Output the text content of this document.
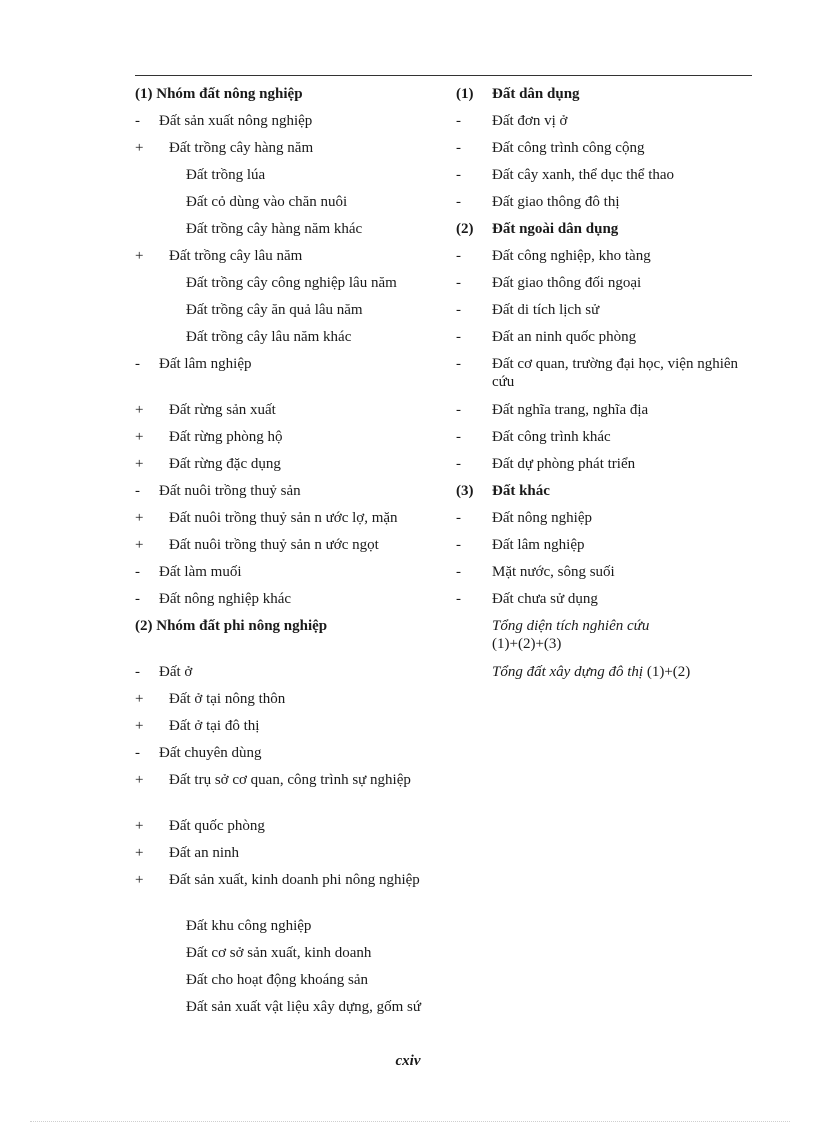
(1) Nhóm đất nông nghiệp
-	Đất sản xuất nông nghiệp
+	Đất trồng cây hàng năm
Đất trồng lúa
Đất cỏ dùng vào chăn nuôi
Đất trồng cây hàng năm khác
+	Đất trồng cây lâu năm
Đất trồng cây công nghiệp lâu năm
Đất trồng cây ăn quả lâu năm
Đất trồng cây lâu năm khác
-	Đất lâm nghiệp
+	Đất rừng sản xuất
+	Đất rừng phòng hộ
+	Đất rừng đặc dụng
-	Đất nuôi trồng thuỷ sản
+	Đất nuôi trồng thuỷ sản n ước lợ, mặn
+	Đất nuôi trồng thuỷ sản n ước ngọt
-	Đất làm muối
-	Đất nông nghiệp khác
(2) Nhóm đất phi nông nghiệp
-	Đất ở
+	Đất ở tại nông thôn
+	Đất ở tại đô thị
-	Đất chuyên dùng
+	Đất trụ sở cơ quan, công trình sự nghiệp
+	Đất quốc phòng
+	Đất an ninh
+	Đất sản xuất, kinh doanh phi nông nghiệp
Đất khu công nghiệp
Đất cơ sở sản xuất, kinh doanh
Đất cho hoạt động khoáng sản
Đất sản xuất vật liệu xây dựng, gốm sứ
(1)	Đất dân dụng
-	Đất đơn vị ở
-	Đất công trình công cộng
-	Đất cây xanh, thể dục thể thao
-	Đất giao thông đô thị
(2)	Đất ngoài dân dụng
-	Đất công nghiệp, kho tàng
-	Đất giao thông đối ngoại
-	Đất di tích lịch sử
-	Đất an ninh quốc phòng
-	Đất cơ quan, trường đại học, viện nghiên cứu
-	Đất nghĩa trang, nghĩa địa
-	Đất công trình khác
-	Đất dự phòng phát triển
(3)	Đất khác
-	Đất nông nghiệp
-	Đất lâm nghiệp
-	Mặt nước, sông suối
-	Đất chưa sử dụng
Tổng diện tích nghiên cứu
(1)+(2)+(3)
Tổng đất xây dựng đô thị (1)+(2)
cxiv
